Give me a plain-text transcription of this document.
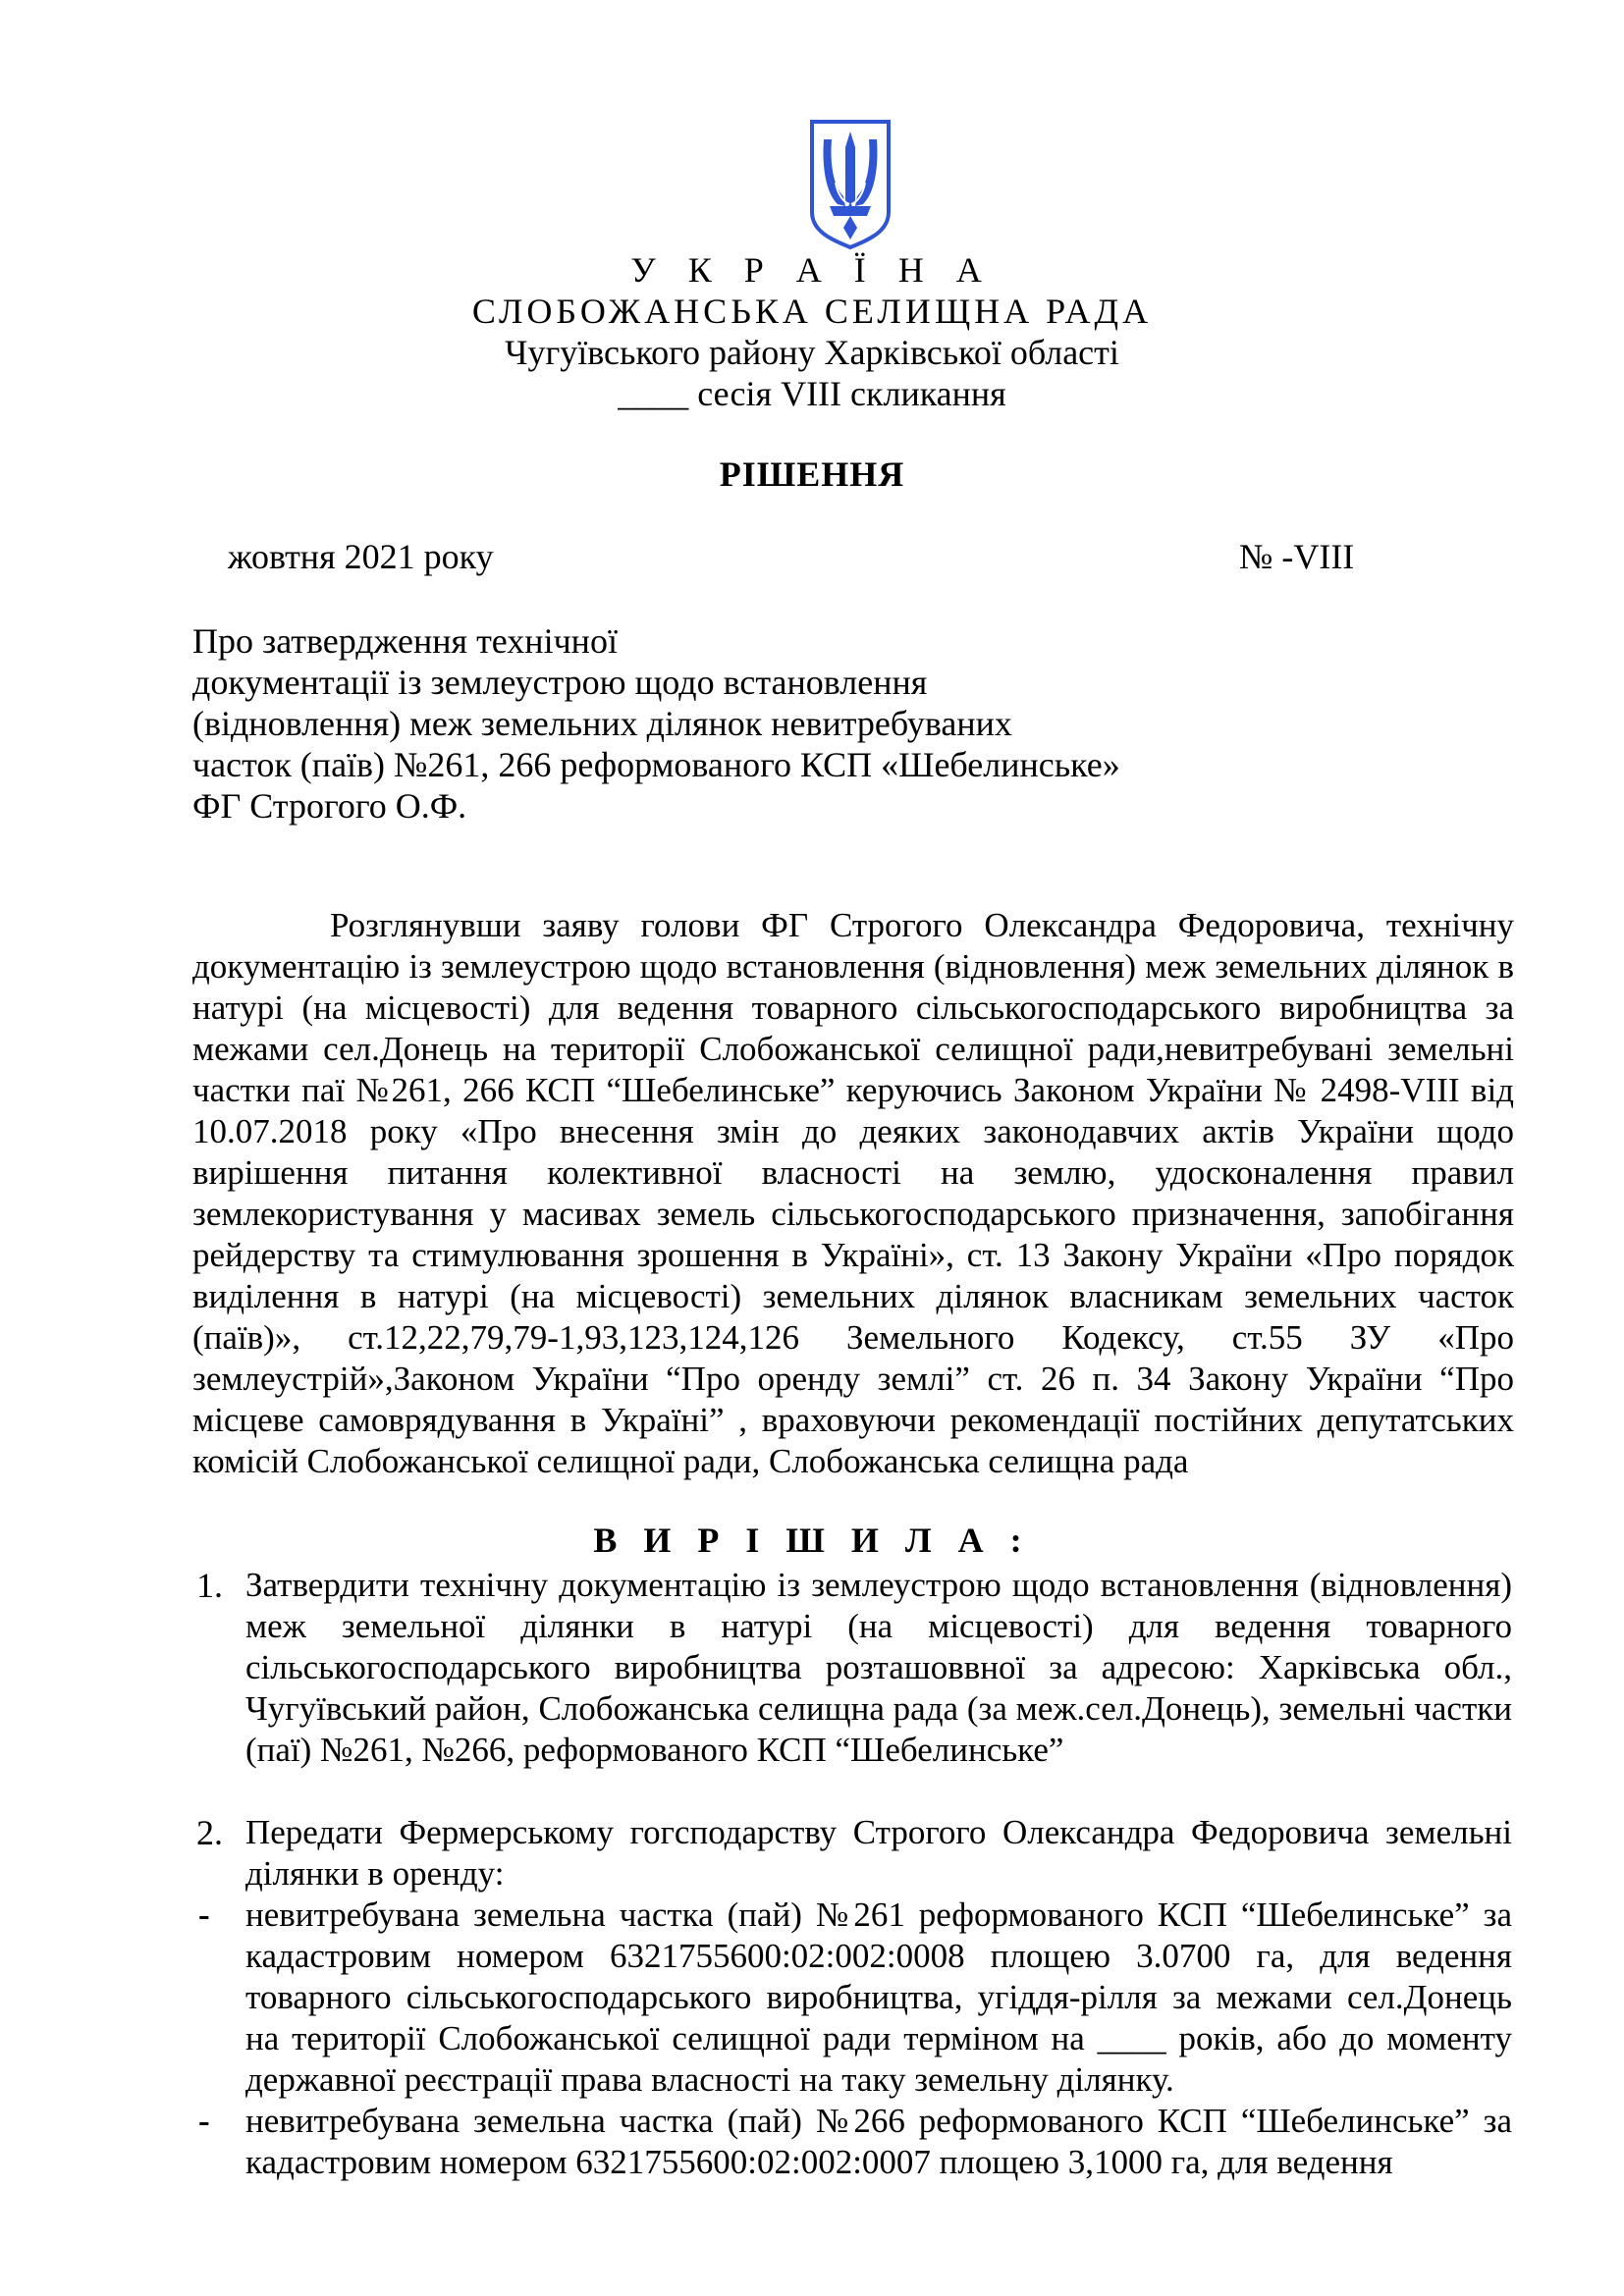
У К Р А Ї Н А
СЛОБОЖАНСЬКА СЕЛИЩНА РАДА
Чугуївського району Харківської області
____ сесія VIII скликання
РІШЕННЯ
жовтня 2021 року	№ -VIII
Про затвердження технічної
документації із землеустрою щодо встановлення
(відновлення) меж земельних ділянок невитребуваних
часток (паїв) №261, 266 реформованого КСП «Шебелинське»
ФГ Строгого О.Ф.
Розглянувши заяву голови ФГ Строгого Олександра Федоровича, технічну документацію із землеустрою щодо встановлення (відновлення) меж земельних ділянок в натурі (на місцевості) для ведення товарного сільськогосподарського виробництва за межами сел.Донець на території Слобожанської селищної ради,невитребувані земельні частки паї №261, 266 КСП “Шебелинське” керуючись Законом України № 2498-VIII від 10.07.2018 року «Про внесення змін до деяких законодавчих актів України щодо вирішення питання колективної власності на землю, удосконалення правил землекористування у масивах земель сільськогосподарського призначення, запобігання рейдерству та стимулювання зрошення в Україні», ст. 13 Закону України «Про порядок виділення в натурі (на місцевості) земельних ділянок власникам земельних часток (паїв)», ст.12,22,79,79-1,93,123,124,126 Земельного Кодексу, ст.55 ЗУ «Про землеустрій»,Законом України “Про оренду землі” ст. 26 п. 34 Закону України “Про місцеве самоврядування в Україні” , враховуючи рекомендації постійних депутатських комісій Слобожанської селищної ради, Слобожанська селищна рада
В И Р І Ш И Л А :
1. Затвердити технічну документацію із землеустрою щодо встановлення (відновлення) меж земельної ділянки в натурі (на місцевості) для ведення товарного сільськогосподарського виробництва розташоввної за адресою: Харківська обл., Чугуївський район, Слобожанська селищна рада (за меж.сел.Донець), земельні частки (паї) №261, №266, реформованого КСП “Шебелинське”
2. Передати Фермерському гогсподарству Строгого Олександра Федоровича земельні ділянки в оренду:
- невитребувана земельна частка (пай) №261 реформованого КСП “Шебелинське” за кадастровим номером 6321755600:02:002:0008 площею 3.0700 га, для ведення товарного сільськогосподарського виробництва, угіддя-рілля за межами сел.Донець на території Слобожанської селищної ради терміном на ____ років, або до моменту державної реєстрації права власності на таку земельну ділянку.
- невитребувана земельна частка (пай) №266 реформованого КСП “Шебелинське” за кадастровим номером 6321755600:02:002:0007 площею 3,1000 га, для ведення
